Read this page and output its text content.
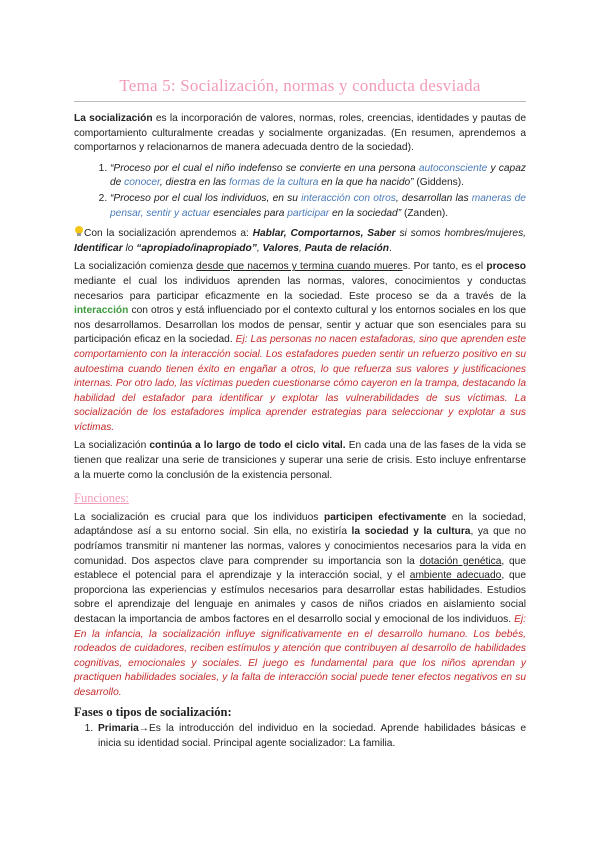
Tema 5: Socialización, normas y conducta desviada

La socialización es la incorporación de valores, normas, roles, creencias, identidades y pautas de comportamiento culturalmente creadas y socialmente organizadas. (En resumen, aprendemos a comportarnos y relacionarnos de manera adecuada dentro de la sociedad).

1. “Proceso por el cual el niño indefenso se convierte en una persona autoconsciente y capaz de conocer, diestra en las formas de la cultura en la que ha nacido” (Giddens).
2. “Proceso por el cual los individuos, en su interacción con otros, desarrollan las maneras de pensar, sentir y actuar esenciales para participar en la sociedad” (Zanden).

Con la socialización aprendemos a: Hablar, Comportarnos, Saber si somos hombres/mujeres, Identificar lo “apropiado/inapropiado”, Valores, Pauta de relación.

La socialización comienza desde que nacemos y termina cuando mueres. Por tanto, es el proceso mediante el cual los individuos aprenden las normas, valores, conocimientos y conductas necesarios para participar eficazmente en la sociedad. Este proceso se da a través de la interacción con otros y está influenciado por el contexto cultural y los entornos sociales en los que nos desarrollamos. Desarrollan los modos de pensar, sentir y actuar que son esenciales para su participación eficaz en la sociedad. Ej: Las personas no nacen estafadoras, sino que aprenden este comportamiento con la interacción social. Los estafadores pueden sentir un refuerzo positivo en su autoestima cuando tienen éxito en engañar a otros, lo que refuerza sus valores y justificaciones internas. Por otro lado, las víctimas pueden cuestionarse cómo cayeron en la trampa, destacando la habilidad del estafador para identificar y explotar las vulnerabilidades de sus víctimas. La socialización de los estafadores implica aprender estrategias para seleccionar y explotar a sus víctimas.

La socialización continúa a lo largo de todo el ciclo vital. En cada una de las fases de la vida se tienen que realizar una serie de transiciones y superar una serie de crisis. Esto incluye enfrentarse a la muerte como la conclusión de la existencia personal.

Funciones:

La socialización es crucial para que los individuos participen efectivamente en la sociedad, adaptándose así a su entorno social. Sin ella, no existiría la sociedad y la cultura, ya que no podríamos transmitir ni mantener las normas, valores y conocimientos necesarios para la vida en comunidad. Dos aspectos clave para comprender su importancia son la dotación genética, que establece el potencial para el aprendizaje y la interacción social, y el ambiente adecuado, que proporciona las experiencias y estímulos necesarios para desarrollar estas habilidades. Estudios sobre el aprendizaje del lenguaje en animales y casos de niños criados en aislamiento social destacan la importancia de ambos factores en el desarrollo social y emocional de los individuos. Ej: En la infancia, la socialización influye significativamente en el desarrollo humano. Los bebés, rodeados de cuidadores, reciben estímulos y atención que contribuyen al desarrollo de habilidades cognitivas, emocionales y sociales. El juego es fundamental para que los niños aprendan y practiquen habilidades sociales, y la falta de interacción social puede tener efectos negativos en su desarrollo.

Fases o tipos de socialización:
1. Primaria→Es la introducción del individuo en la sociedad. Aprende habilidades básicas e inicia su identidad social. Principal agente socializador: La familia.
